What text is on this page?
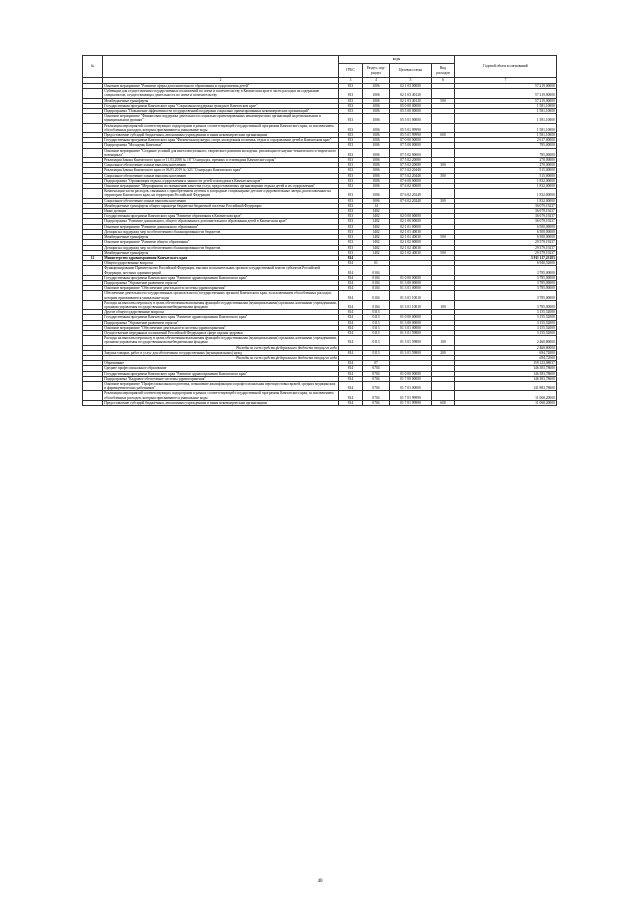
№		коды				Годовой объем ассигнований
		ГРБС	Раздел, под-раздел	Целевая статья	Вид расходов	
	2	3	4	5	6	7
	Основное мероприятие "Развитие сферы дополнительного образования и оздоровления детей"	813	1006	02 1 03 00000		57 219,00000
	Субвенции для осуществления государственных полномочий по опеке и попечительству в Камчатском крае в части расходов на содержание специалистов, осуществляющих деятельность по опеке и попечительству	813	1006	02 1 03 40120		57 219,00000
	Межбюджетные трансферты	813	1006	02 1 03 40120	500	57 219,00000
	Государственная программа Камчатского края "Социальная поддержка граждан в Камчатском крае"	813	1006	05 0 00 00000		1 581,10000
	Подпрограмма "Повышение эффективности государственной поддержки социально ориентированных некоммерческих организаций"	813	1006	05 5 00 00000		1 581,10000
	Основное мероприятие "Финансовая поддержка деятельности социально ориентированных некоммерческих организаций на региональном и муниципальном уровнях"	813	1006	05 5 01 00000		1 581,10000
	Реализация мероприятий соответствующих подпрограмм в рамках соответствующей государственной программы Камчатского края, за исключением обособленных расходов, которым присваиваются уникальные коды	813	1006	05 5 01 99990		1 581,10000
	Предоставление субсидий бюджетным, автономным учреждениям и иным некоммерческим организациям	813	1006	05 5 01 99990	600	1 581,10000
	Государственная программа Камчатского края "Физическая культура, спорт, молодежная политика, отдых и оздоровление детей в Камчатском крае"	813	1006	07 0 00 00000		2 617,00000
	Подпрограмма "Молодежь Камчатки"	813	1006	07 5 00 00000		785,00000
	Основное мероприятие "Создание условий для интеллектуального, творческого развития молодежи, реализации ее научно-технического и творческого потенциала"	813	1006	07 5 02 00000		785,00000
	Реализация Закона Камчатского края от 11.03.2008 № 18 "О наградах, премиях и стипендиях Камчатского края"	813	1006	07 5 02 20080		270,00000
	Социальное обеспечение и иные выплаты населению	813	1006	07 5 02 20080	300	270,00000
	Реализация Закона Камчатского края от 06.05.2019 № 323 "О наградах Камчатского края"	813	1006	07 5 02 20440		515,00000
	Социальное обеспечение и иные выплаты населению	813	1006	07 5 02 20440	300	515,00000
	Подпрограмма "Организация отдыха, оздоровления и занятости детей и молодежи в Камчатском крае"	813	1006	07 6 00 00000		1 832,00000
	Основное мероприятие "Мероприятия по повышению качества услуг, предоставляемых организациями отдыха детей и их оздоровления"	813	1006	07 6 02 00000		1 832,00000
	Компенсация части расходов, связанных с приобретением путевок в загородные стационарные детские оздоровительные лагеря, расположенные на территории Камчатского края, на территории Российской Федерации	813	1006	07 6 02 20240		1 832,00000
	Социальное обеспечение и иные выплаты населению	813	1006	07 6 02 20240	300	1 832,00000
	Межбюджетные трансферты общего характера бюджетам бюджетной системы Российской Федерации	813	14			36 079,19237
	Иные дотации	813	1402			36 079,19237
	Государственная программа Камчатского края "Развитие образования в Камчатском крае"	813	1402	02 0 00 00000		36 079,19237
	Подпрограмма "Развитие дошкольного, общего образования и дополнительного образования детей в Камчатском крае"	813	1402	02 1 00 00000		36 079,19237
	Основное мероприятие "Развитие дошкольного образования"	813	1402	02 1 01 00000		6 500,00000
	Дотации на поддержку мер по обеспечению сбалансированности бюджетов	813	1402	02 1 01 40030		6 500,00000
	Межбюджетные трансферты	813	1402	02 1 01 40030	500	6 500,00000
	Основное мероприятие "Развитие общего образования"	813	1402	02 1 02 00000		29 579,19237
	Дотации на поддержку мер по обеспечению сбалансированности бюджетов	813	1402	02 1 02 40030		29 579,19237
	Межбюджетные трансферты	813	1402	02 1 02 40030	500	29 579,19237
12	Министерство здравоохранения Камчатского края	814				5 911 117,23183
	Общегосударственные вопросы	814	01			6 940,52000
	Функционирование Правительства Российской Федерации, высших исполнительных органов государственной власти субъектов Российской Федерации, местных администраций	814	0104			3 785,00000
	Государственная программа Камчатского края "Развитие здравоохранения Камчатского края"	814	0104	01 0 00 00000		3 785,00000
	Подпрограмма "Управление развитием отрасли"	814	0104	01 3 00 00000		3 785,00000
	Основное мероприятие "Обеспечение деятельности системы здравоохранения"	814	0104	01 3 01 00000		3 785,00000
	Обеспечение деятельности государственных органов власти (государственных органов) Камчатского края, за исключением обособленных расходов, которым присваиваются уникальные коды	814	0104	01 3 01 10010		3 785,00000
	Расходы на выплаты персоналу в целях обеспечения выполнения функций государственными (муниципальными) органами, казенными учреждениями, органами управления государственными внебюджетными фондами	814	0104	01 3 01 10010	100	3 785,00000
	Другие общегосударственные вопросы	814	0113			3 155,52000
	Государственная программа Камчатского края "Развитие здравоохранения Камчатского края"	814	0113	01 0 00 00000		3 155,52000
	Подпрограмма "Управление развитием отрасли"	814	0113	01 3 00 00000		3 155,52000
	Основное мероприятие "Обеспечение деятельности системы здравоохранения"	814	0113	01 3 01 00000		3 155,52000
	Осуществление переданных полномочий Российской Федерации в сфере охраны здоровья	814	0113	01 3 01 59800		3 155,52000
	Расходы на выплаты персоналу в целях обеспечения выполнения функций государственными (муниципальными) органами, казенными учреждениями, органами управления государственными внебюджетными фондами	814	0113	01 3 01 59800	100	2 460,80000
	Расходы за счет средств федерального бюджета текущего года					2 460,80000
	Закупка товаров, работ и услуг для обеспечения государственных (муниципальных) нужд	814	0113	01 3 01 59800	200	694,72000
	Расходы за счет средств федерального бюджета текущего года					694,72000
	Образование	814	07			159 123,08037
	Среднее профессиональное образование	814	0704			146 383,78600
	Государственная программа Камчатского края "Развитие здравоохранения Камчатского края"	814	0704	01 0 00 00000		146 383,78600
	Подпрограмма "Кадровое обеспечение системы здравоохранения"	814	0704	01 7 00 00000		146 383,78600
	Основное мероприятие "Профессиональная подготовка, повышение квалификации и профессиональная переподготовка врачей, средних медицинских и фармацевтических работников"	814	0704	01 7 01 00000		141 883,78600
	Реализация мероприятий соответствующих подпрограмм в рамках соответствующей государственной программы Камчатского края, за исключением обособленных расходов, которым присваиваются уникальные коды	814	0704	01 7 01 99990		11 068,20000
	Предоставление субсидий бюджетным, автономным учреждениям и иным некоммерческим организациям	814	0704	01 7 01 99990	600	11 068,20000
40
